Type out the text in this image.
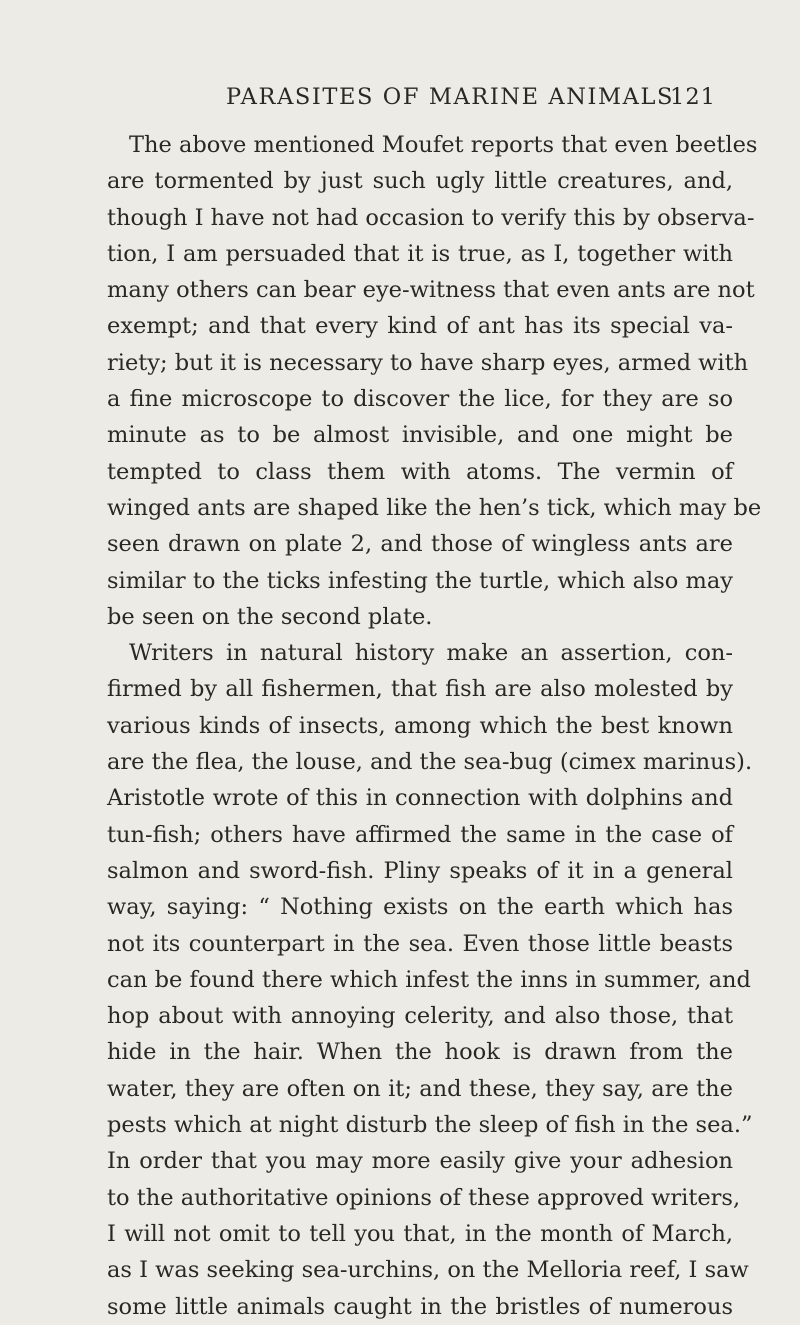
PARASITES OF MARINE ANIMALS
121
The above mentioned Moufet reports that even beetles
are tormented by just such ugly little creatures, and,
though I have not had occasion to verify this by observa-
tion, I am persuaded that it is true, as I, together with
many others can bear eye-witness that even ants are not
exempt; and that every kind of ant has its special va-
riety; but it is necessary to have sharp eyes, armed with
a fine microscope to discover the lice, for they are so
minute as to be almost invisible, and one might be
tempted to class them with atoms. The vermin of
winged ants are shaped like the hen’s tick, which may be
seen drawn on plate 2, and those of wingless ants are
similar to the ticks infesting the turtle, which also may
be seen on the second plate.
Writers in natural history make an assertion, con-
firmed by all fishermen, that fish are also molested by
various kinds of insects, among which the best known
are the flea, the louse, and the sea-bug (cimex marinus).
Aristotle wrote of this in connection with dolphins and
tun-fish; others have affirmed the same in the case of
salmon and sword-fish. Pliny speaks of it in a general
way, saying: “ Nothing exists on the earth which has
not its counterpart in the sea. Even those little beasts
can be found there which infest the inns in summer, and
hop about with annoying celerity, and also those, that
hide in the hair. When the hook is drawn from the
water, they are often on it; and these, they say, are the
pests which at night disturb the sleep of fish in the sea.”
In order that you may more easily give your adhesion
to the authoritative opinions of these approved writers,
I will not omit to tell you that, in the month of March,
as I was seeking sea-urchins, on the Melloria reef, I saw
some little animals caught in the bristles of numerous
